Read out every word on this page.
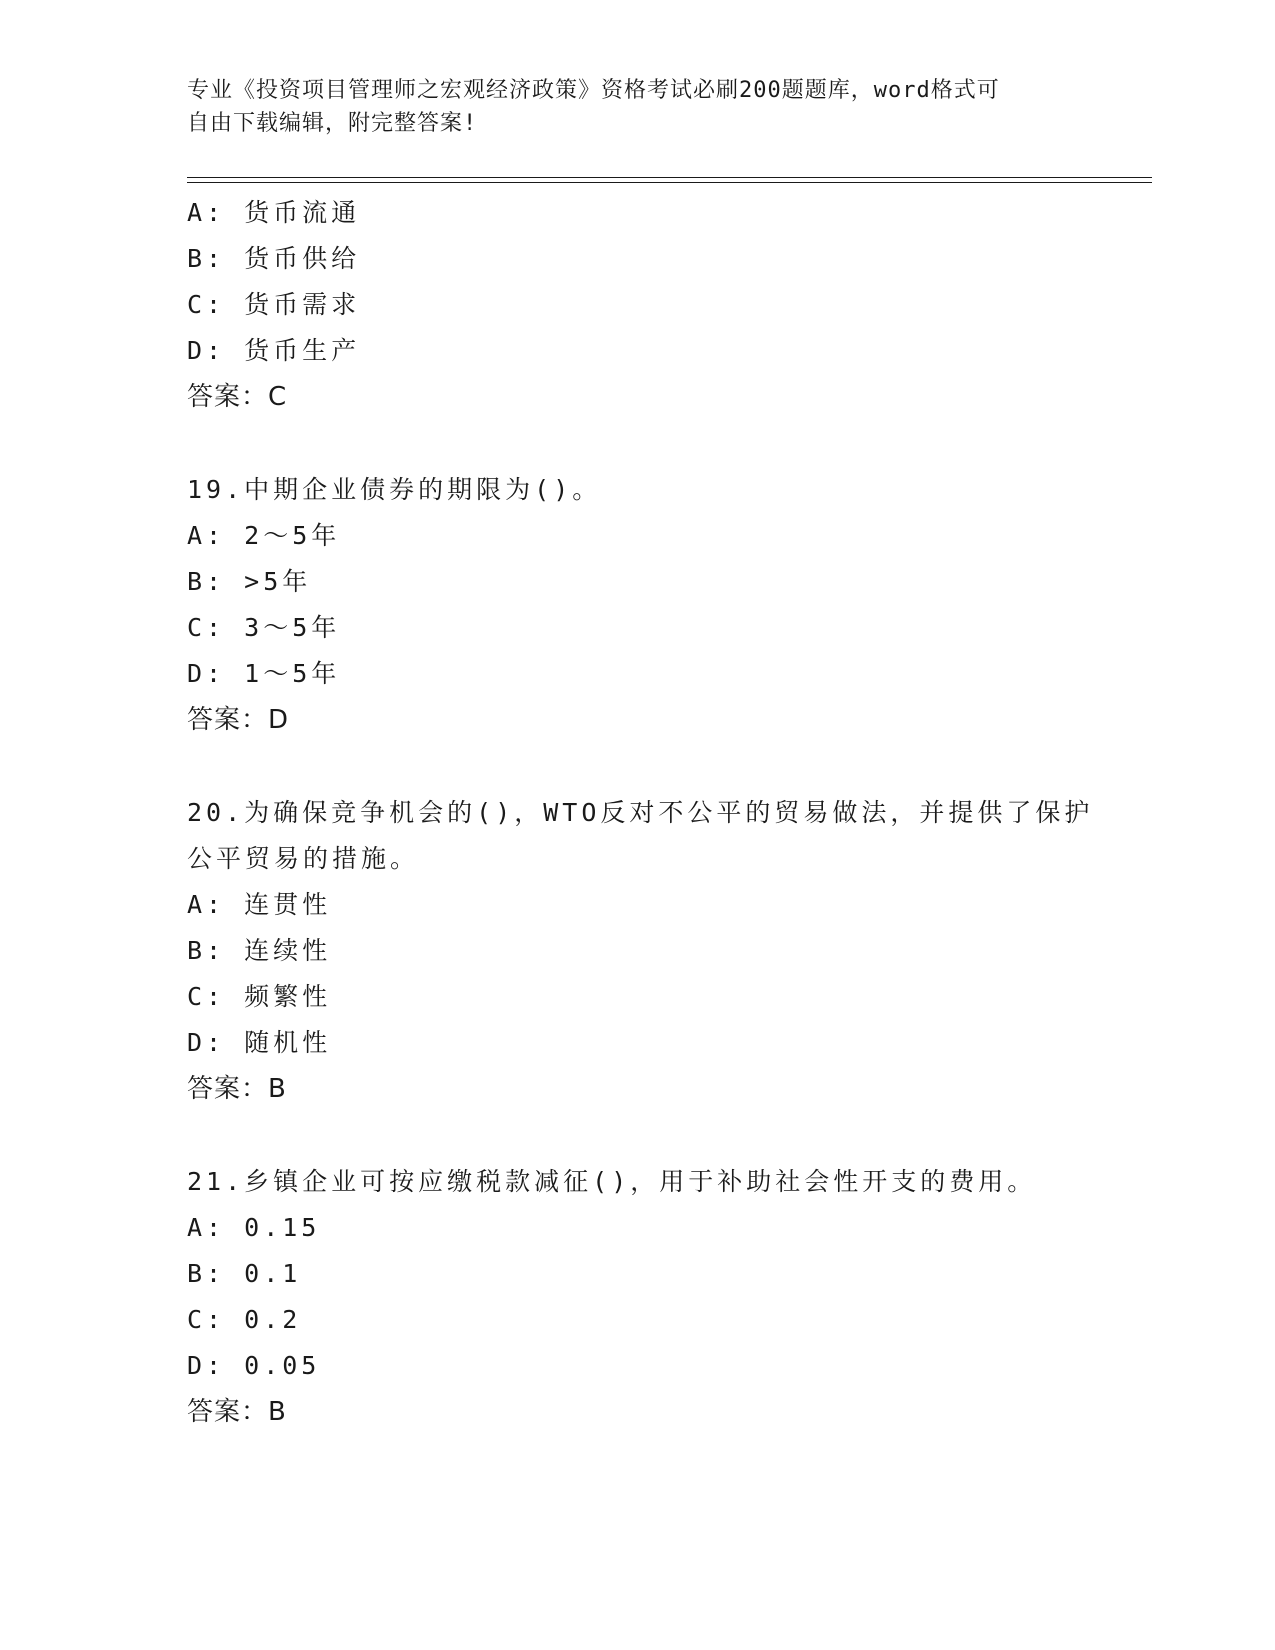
专业《投资项目管理师之宏观经济政策》资格考试必刷200题题库，word格式可
自由下载编辑，附完整答案!
A: 货币流通
B: 货币供给
C: 货币需求
D: 货币生产
答案：C
19.中期企业债券的期限为()。
A: 2～5年
B: >5年
C: 3～5年
D: 1～5年
答案：D
20.为确保竞争机会的()，WTO反对不公平的贸易做法，并提供了保护
公平贸易的措施。
A: 连贯性
B: 连续性
C: 频繁性
D: 随机性
答案：B
21.乡镇企业可按应缴税款减征()，用于补助社会性开支的费用。
A: 0.15
B: 0.1
C: 0.2
D: 0.05
答案：B
